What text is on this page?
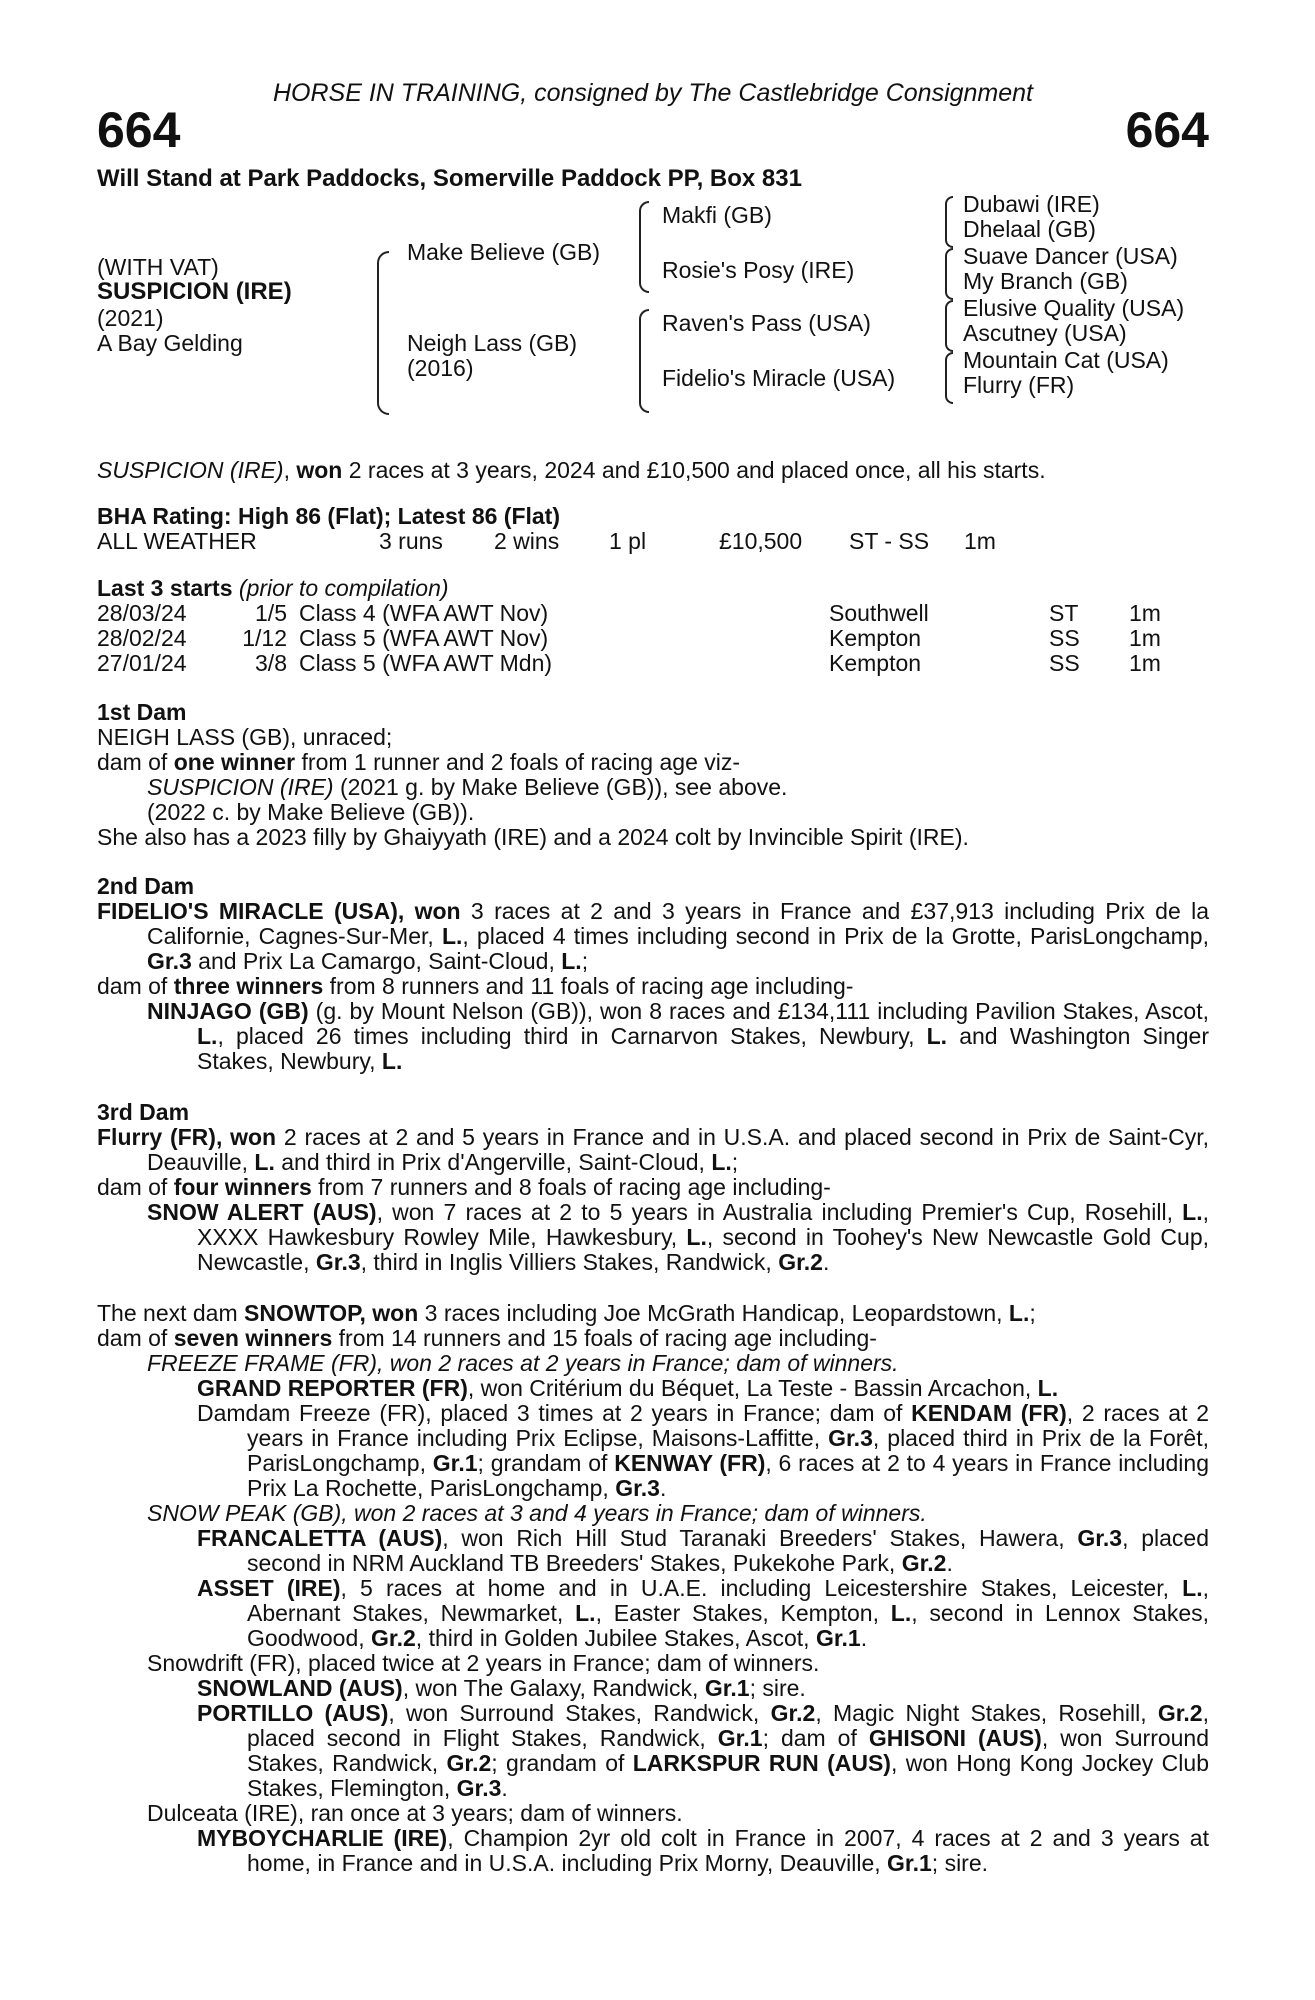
HORSE IN TRAINING, consigned by The Castlebridge Consignment

664	664
Will Stand at Park Paddocks, Somerville Paddock PP, Box 831
(WITH VAT)
SUSPICION (IRE)
(2021)
A Bay Gelding
Make Believe (GB)
Neigh Lass (GB)
(2016)
Makfi (GB)
Rosie's Posy (IRE)
Raven's Pass (USA)
Fidelio's Miracle (USA)
Dubawi (IRE)
Dhelaal (GB)
Suave Dancer (USA)
My Branch (GB)
Elusive Quality (USA)
Ascutney (USA)
Mountain Cat (USA)
Flurry (FR)

SUSPICION (IRE), won 2 races at 3 years, 2024 and £10,500 and placed once, all his starts.

BHA Rating: High 86 (Flat); Latest 86 (Flat)
ALL WEATHER	3 runs	2 wins	1 pl	£10,500	ST - SS	1m
Last 3 starts (prior to compilation)
28/03/24	1/5	Class 4 (WFA AWT Nov)	Southwell	ST	1m
28/02/24	1/12	Class 5 (WFA AWT Nov)	Kempton	SS	1m
27/01/24	3/8	Class 5 (WFA AWT Mdn)	Kempton	SS	1m
1st Dam

NEIGH LASS (GB), unraced;

dam of one winner from 1 runner and 2 foals of racing age viz-

SUSPICION (IRE) (2021 g. by Make Believe (GB)), see above.

(2022 c. by Make Believe (GB)).

She also has a 2023 filly by Ghaiyyath (IRE) and a 2024 colt by Invincible Spirit (IRE).

2nd Dam

FIDELIO'S MIRACLE (USA), won 3 races at 2 and 3 years in France and £37,913 including Prix de la Californie, Cagnes-Sur-Mer, L., placed 4 times including second in Prix de la Grotte, ParisLongchamp, Gr.3 and Prix La Camargo, Saint-Cloud, L.;

dam of three winners from 8 runners and 11 foals of racing age including-

NINJAGO (GB) (g. by Mount Nelson (GB)), won 8 races and £134,111 including Pavilion Stakes, Ascot, L., placed 26 times including third in Carnarvon Stakes, Newbury, L. and Washington Singer Stakes, Newbury, L.

3rd Dam

Flurry (FR), won 2 races at 2 and 5 years in France and in U.S.A. and placed second in Prix de Saint-Cyr, Deauville, L. and third in Prix d'Angerville, Saint-Cloud, L.;

dam of four winners from 7 runners and 8 foals of racing age including-

SNOW ALERT (AUS), won 7 races at 2 to 5 years in Australia including Premier's Cup, Rosehill, L., XXXX Hawkesbury Rowley Mile, Hawkesbury, L., second in Toohey's New Newcastle Gold Cup, Newcastle, Gr.3, third in Inglis Villiers Stakes, Randwick, Gr.2.

The next dam SNOWTOP, won 3 races including Joe McGrath Handicap, Leopardstown, L.;

dam of seven winners from 14 runners and 15 foals of racing age including-

FREEZE FRAME (FR), won 2 races at 2 years in France; dam of winners.

GRAND REPORTER (FR), won Critérium du Béquet, La Teste - Bassin Arcachon, L.

Damdam Freeze (FR), placed 3 times at 2 years in France; dam of KENDAM (FR), 2 races at 2 years in France including Prix Eclipse, Maisons-Laffitte, Gr.3, placed third in Prix de la Forêt, ParisLongchamp, Gr.1; grandam of KENWAY (FR), 6 races at 2 to 4 years in France including Prix La Rochette, ParisLongchamp, Gr.3.

SNOW PEAK (GB), won 2 races at 3 and 4 years in France; dam of winners.

FRANCALETTA (AUS), won Rich Hill Stud Taranaki Breeders' Stakes, Hawera, Gr.3, placed second in NRM Auckland TB Breeders' Stakes, Pukekohe Park, Gr.2.

ASSET (IRE), 5 races at home and in U.A.E. including Leicestershire Stakes, Leicester, L., Abernant Stakes, Newmarket, L., Easter Stakes, Kempton, L., second in Lennox Stakes, Goodwood, Gr.2, third in Golden Jubilee Stakes, Ascot, Gr.1.

Snowdrift (FR), placed twice at 2 years in France; dam of winners.

SNOWLAND (AUS), won The Galaxy, Randwick, Gr.1; sire.

PORTILLO (AUS), won Surround Stakes, Randwick, Gr.2, Magic Night Stakes, Rosehill, Gr.2, placed second in Flight Stakes, Randwick, Gr.1; dam of GHISONI (AUS), won Surround Stakes, Randwick, Gr.2; grandam of LARKSPUR RUN (AUS), won Hong Kong Jockey Club Stakes, Flemington, Gr.3.

Dulceata (IRE), ran once at 3 years; dam of winners.

MYBOYCHARLIE (IRE), Champion 2yr old colt in France in 2007, 4 races at 2 and 3 years at home, in France and in U.S.A. including Prix Morny, Deauville, Gr.1; sire.
